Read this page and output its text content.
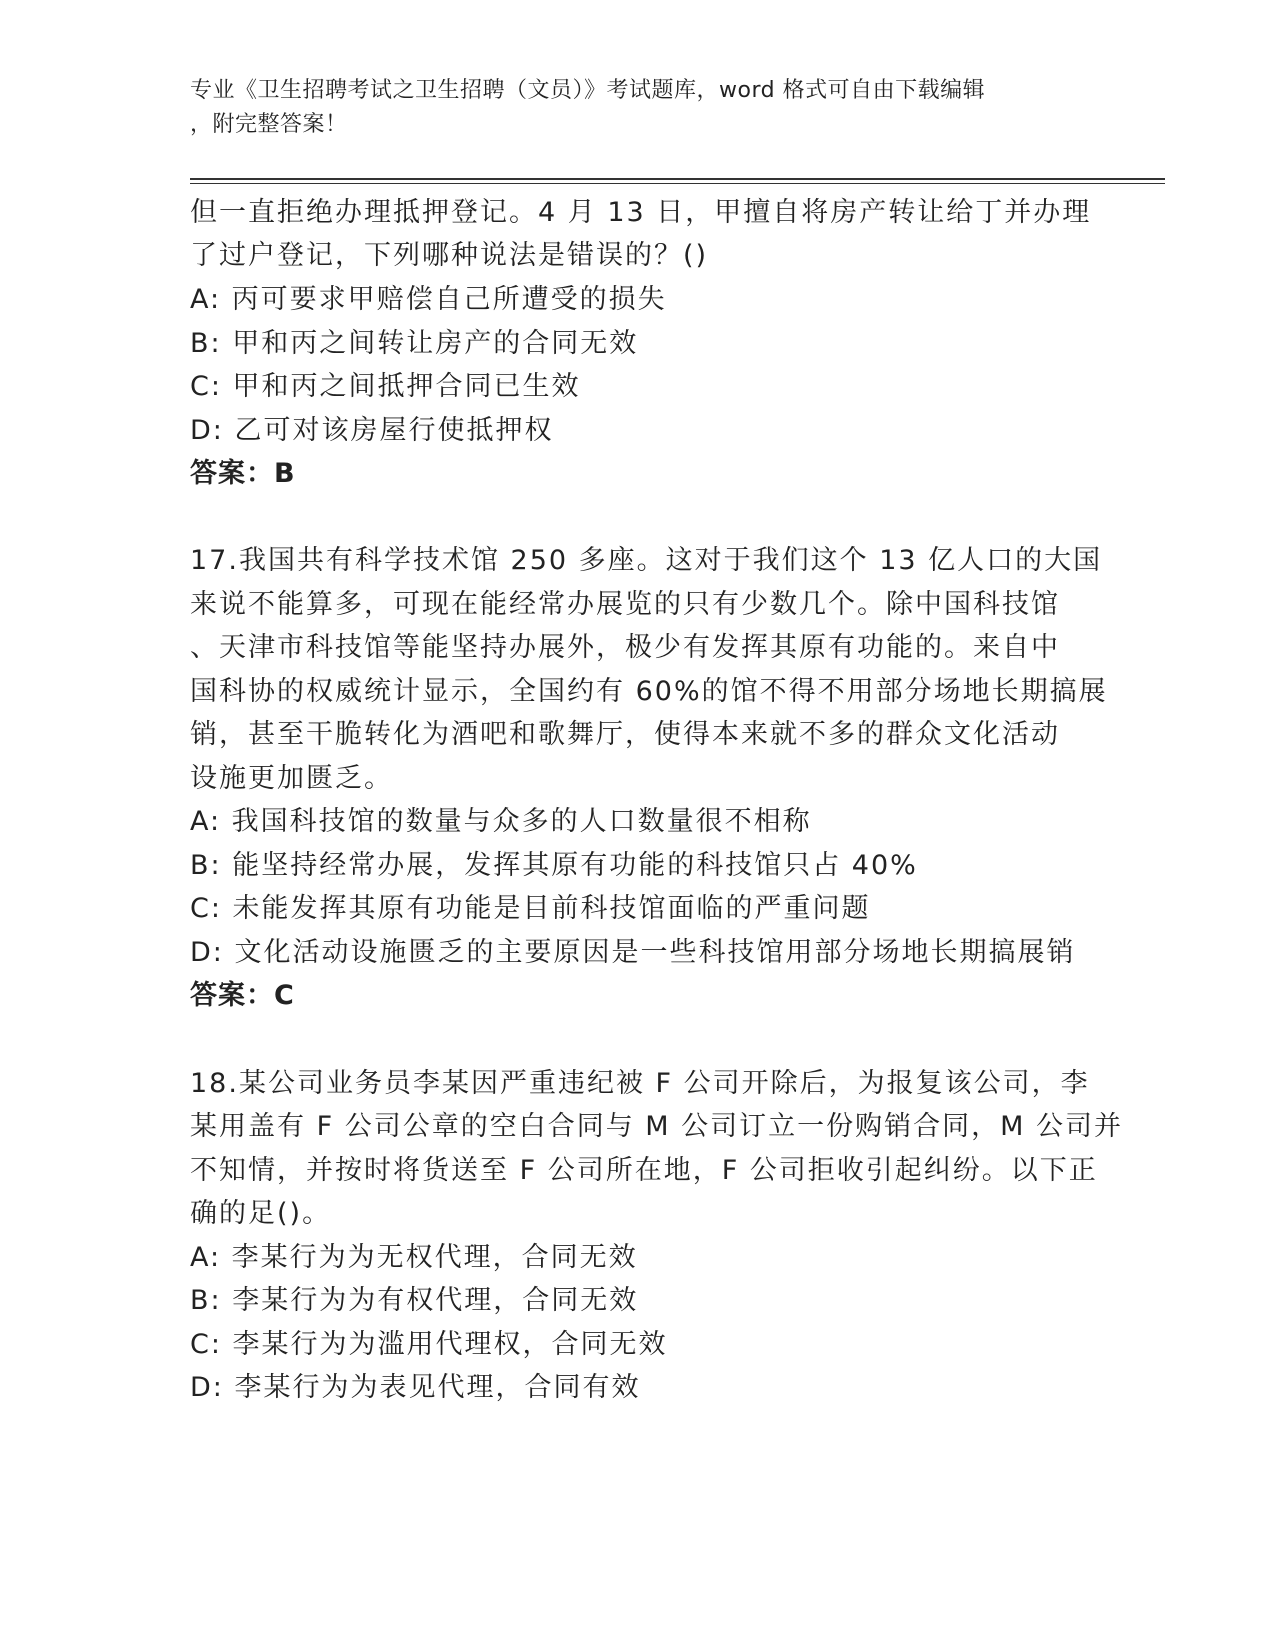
专业《卫生招聘考试之卫生招聘（文员）》考试题库，word 格式可自由下载编辑
，附完整答案！
但一直拒绝办理抵押登记。4 月 13 日，甲擅自将房产转让给丁并办理
了过户登记，下列哪种说法是错误的？()
A: 丙可要求甲赔偿自己所遭受的损失
B: 甲和丙之间转让房产的合同无效
C: 甲和丙之间抵押合同已生效
D: 乙可对该房屋行使抵押权
答案：B
17.我国共有科学技术馆 250 多座。这对于我们这个 13 亿人口的大国
来说不能算多，可现在能经常办展览的只有少数几个。除中国科技馆
、天津市科技馆等能坚持办展外，极少有发挥其原有功能的。来自中
国科协的权威统计显示，全国约有 60%的馆不得不用部分场地长期搞展
销，甚至干脆转化为酒吧和歌舞厅，使得本来就不多的群众文化活动
设施更加匮乏。
A: 我国科技馆的数量与众多的人口数量很不相称
B: 能坚持经常办展，发挥其原有功能的科技馆只占 40%
C: 未能发挥其原有功能是目前科技馆面临的严重问题
D: 文化活动设施匮乏的主要原因是一些科技馆用部分场地长期搞展销
答案：C
18.某公司业务员李某因严重违纪被 F 公司开除后，为报复该公司，李
某用盖有 F 公司公章的空白合同与 M 公司订立一份购销合同，M 公司并
不知情，并按时将货送至 F 公司所在地，F 公司拒收引起纠纷。以下正
确的足()。
A: 李某行为为无权代理，合同无效
B: 李某行为为有权代理，合同无效
C: 李某行为为滥用代理权，合同无效
D: 李某行为为表见代理，合同有效
